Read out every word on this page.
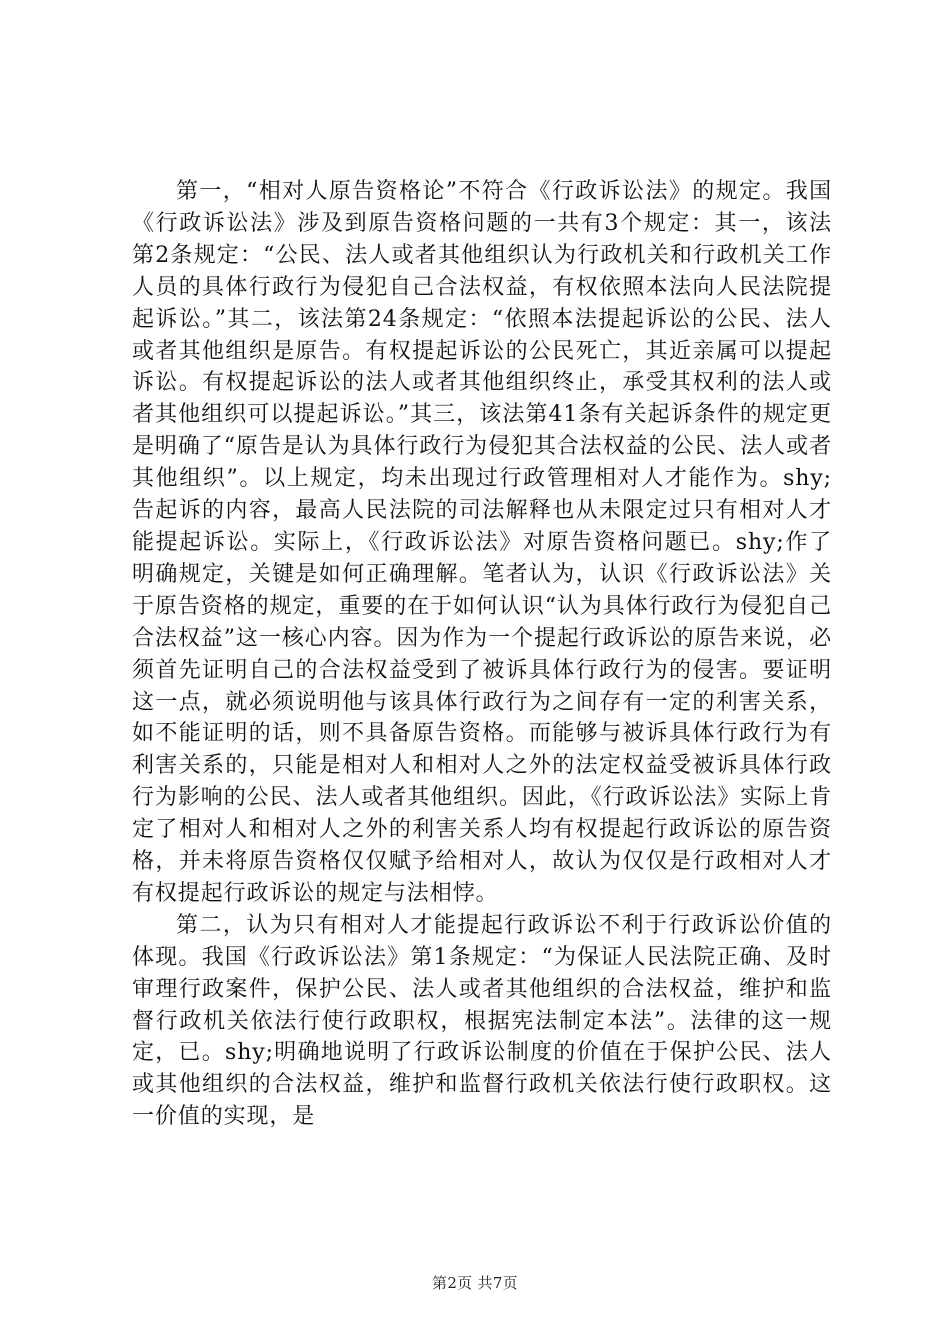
第一，“相对人原告资格论”不符合《行政诉讼法》的规定。我国《行政诉讼法》涉及到原告资格问题的一共有3个规定：其一，该法第2条规定：“公民、法人或者其他组织认为行政机关和行政机关工作人员的具体行政行为侵犯自己合法权益，有权依照本法向人民法院提起诉讼。”其二，该法第24条规定：“依照本法提起诉讼的公民、法人或者其他组织是原告。有权提起诉讼的公民死亡，其近亲属可以提起诉讼。有权提起诉讼的法人或者其他组织终止，承受其权利的法人或者其他组织可以提起诉讼。”其三，该法第41条有关起诉条件的规定更是明确了“原告是认为具体行政行为侵犯其合法权益的公民、法人或者其他组织”。以上规定，均未出现过行政管理相对人才能作为。shy;告起诉的内容，最高人民法院的司法解释也从未限定过只有相对人才能提起诉讼。实际上，《行政诉讼法》对原告资格问题已。shy;作了明确规定，关键是如何正确理解。笔者认为，认识《行政诉讼法》关于原告资格的规定，重要的在于如何认识“认为具体行政行为侵犯自己合法权益”这一核心内容。因为作为一个提起行政诉讼的原告来说，必须首先证明自己的合法权益受到了被诉具体行政行为的侵害。要证明这一点，就必须说明他与该具体行政行为之间存有一定的利害关系，如不能证明的话，则不具备原告资格。而能够与被诉具体行政行为有利害关系的，只能是相对人和相对人之外的法定权益受被诉具体行政行为影响的公民、法人或者其他组织。因此，《行政诉讼法》实际上肯定了相对人和相对人之外的利害关系人均有权提起行政诉讼的原告资格，并未将原告资格仅仅赋予给相对人，故认为仅仅是行政相对人才有权提起行政诉讼的规定与法相悖。

第二，认为只有相对人才能提起行政诉讼不利于行政诉讼价值的体现。我国《行政诉讼法》第1条规定：“为保证人民法院正确、及时审理行政案件，保护公民、法人或者其他组织的合法权益，维护和监督行政机关依法行使行政职权，根据宪法制定本法”。法律的这一规定，已。shy;明确地说明了行政诉讼制度的价值在于保护公民、法人或其他组织的合法权益，维护和监督行政机关依法行使行政职权。这一价值的实现，是

第2页 共7页
